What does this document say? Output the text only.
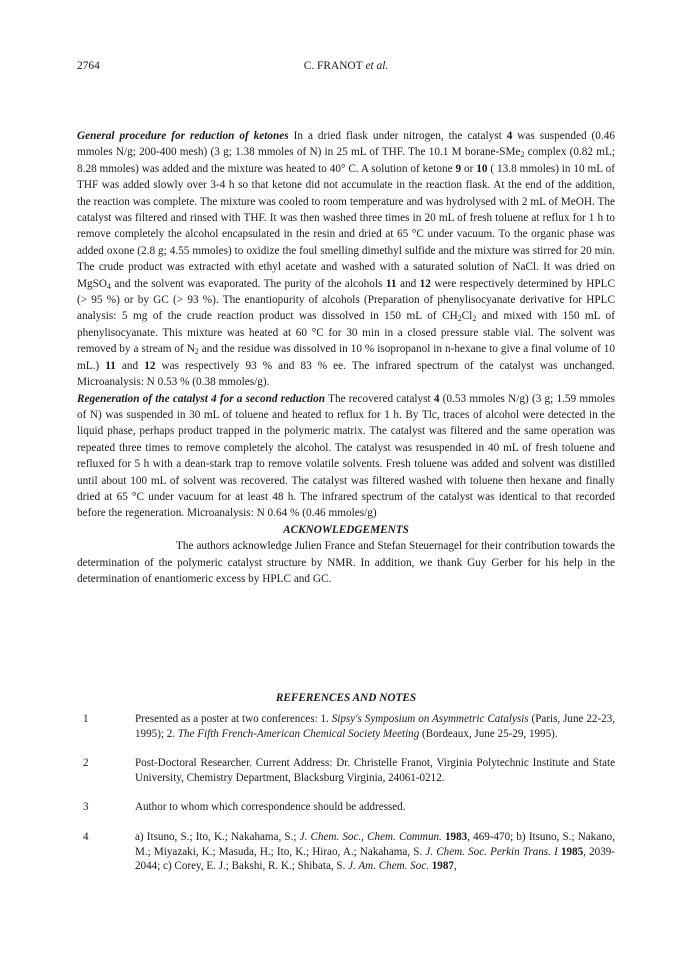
2764	C. FRANOT et al.

General procedure for reduction of ketones In a dried flask under nitrogen, the catalyst 4 was suspended (0.46 mmoles N/g; 200-400 mesh) (3 g; 1.38 mmoles of N) in 25 mL of THF. The 10.1 M borane-SMe$_2$ complex (0.82 mL; 8.28 mmoles) was added and the mixture was heated to 40° C. A solution of ketone 9 or 10 ( 13.8 mmoles) in 10 mL of THF was added slowly over 3-4 h so that ketone did not accumulate in the reaction flask. At the end of the addition, the reaction was complete. The mixture was cooled to room temperature and was hydrolysed with 2 mL of MeOH. The catalyst was filtered and rinsed with THF. It was then washed three times in 20 mL of fresh toluene at reflux for 1 h to remove completely the alcohol encapsulated in the resin and dried at 65 °C under vacuum. To the organic phase was added oxone (2.8 g; 4.55 mmoles) to oxidize the foul smelling dimethyl sulfide and the mixture was stirred for 20 min. The crude product was extracted with ethyl acetate and washed with a saturated solution of NaCl. It was dried on MgSO$_4$ and the solvent was evaporated. The purity of the alcohols 11 and 12 were respectively determined by HPLC (> 95 %) or by GC (> 93 %). The enantiopurity of alcohols (Preparation of phenylisocyanate derivative for HPLC analysis: 5 mg of the crude reaction product was dissolved in 150 mL of $CH_2Cl_2$ and mixed with 150 mL of phenylisocyanate. This mixture was heated at 60 °C for 30 min in a closed pressure stable vial. The solvent was removed by a stream of $N_2$ and the residue was dissolved in 10 % isopropanol in n-hexane to give a final volume of 10 mL.) 11 and 12 was respectively 93 % and 83 % ee. The infrared spectrum of the catalyst was unchanged. Microanalysis: N 0.53 % (0.38 mmoles/g).

Regeneration of the catalyst 4 for a second reduction The recovered catalyst 4 (0.53 mmoles N/g) (3 g; 1.59 mmoles of N) was suspended in 30 mL of toluene and heated to reflux for 1 h. By Tlc, traces of alcohol were detected in the liquid phase, perhaps product trapped in the polymeric matrix. The catalyst was filtered and the same operation was repeated three times to remove completely the alcohol. The catalyst was resuspended in 40 mL of fresh toluene and refluxed for 5 h with a dean-stark trap to remove volatile solvents. Fresh toluene was added and solvent was distilled until about 100 mL of solvent was recovered. The catalyst was filtered washed with toluene then hexane and finally dried at 65 °C under vacuum for at least 48 h. The infrared spectrum of the catalyst was identical to that recorded before the regeneration. Microanalysis: N 0.64 % (0.46 mmoles/g)

ACKNOWLEDGEMENTS

The authors acknowledge Julien France and Stefan Steuernagel for their contribution towards the determination of the polymeric catalyst structure by NMR. In addition, we thank Guy Gerber for his help in the determination of enantiomeric excess by HPLC and GC.

REFERENCES AND NOTES
1	Presented as a poster at two conferences: 1. Sipsy's Symposium on Asymmetric Catalysis (Paris, June 22-23, 1995); 2. The Fifth French-American Chemical Society Meeting (Bordeaux, June 25-29, 1995).
2	Post-Doctoral Researcher. Current Address: Dr. Christelle Franot, Virginia Polytechnic Institute and State University, Chemistry Department, Blacksburg Virginia, 24061-0212.
3	Author to whom which correspondence should be addressed.
4	a) Itsuno, S.; Ito, K.; Nakahama, S.; J. Chem. Soc., Chem. Commun. 1983, 469-470; b) Itsuno, S.; Nakano, M.; Miyazaki, K.; Masuda, H.; Ito, K.; Hirao, A.; Nakahama, S. J. Chem. Soc. Perkin Trans. I 1985, 2039-2044; c) Corey, E. J.; Bakshi, R. K.; Shibata, S. J. Am. Chem. Soc. 1987,
